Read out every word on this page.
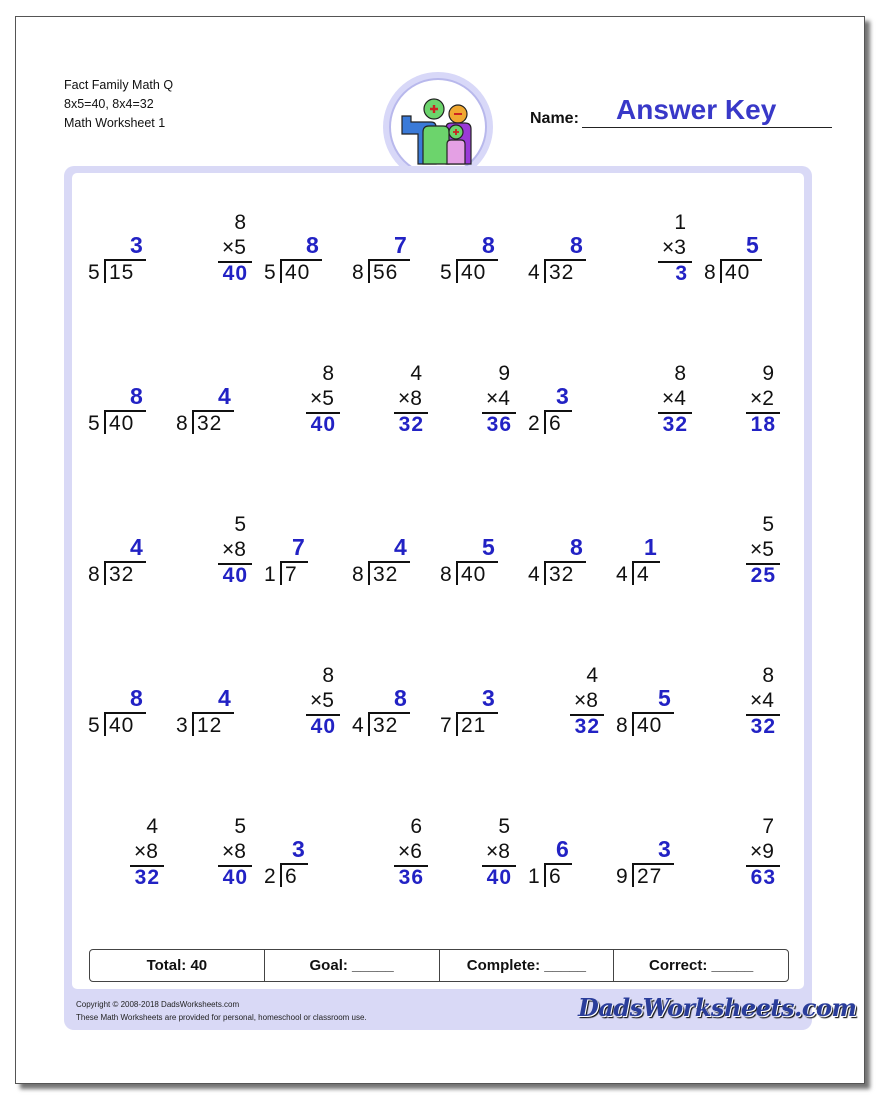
Fact Family Math Q
8x5=40, 8x4=32
Math Worksheet 1	Name: Answer Key
5 15
3
8
×5
40 5 40
8
8 56
7
5 40
8
4 32
8
1
×3
3 8 40
5
5 40
8
8 32
4
8
×5
40
4
×8
32
9
×4
36 2 6
3
8
×4
32
9
×2
18
8 32
4
5
×8
40 1 7
7
8 32
4
8 40
5
4 32
8
4 4
1
5
×5
25
5 40
8
3 12
4
8
×5
40 4 32
8
7 21
3
4
×8
32 8 40
5
8
×4
32
4
×8
32
5
×8
40 2 6
3
6
×6
36
5
×8
40 1 6
6
9 27
3
7
×9
63
Total: 40	Goal: _____	Complete: _____	Correct: _____
Copyright © 2008-2018 DadsWorksheets.com
These Math Worksheets are provided for personal, homeschool or classroom use.	DadsWorksheets.com
